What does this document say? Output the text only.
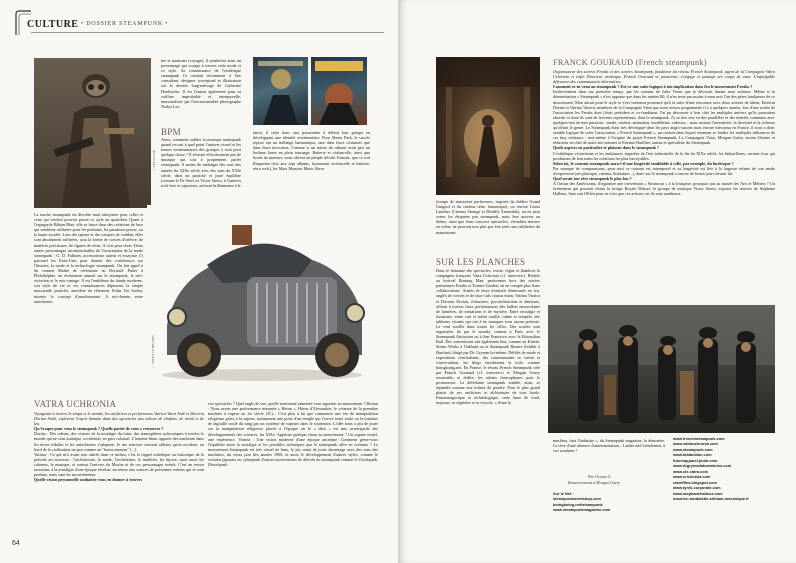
CULTURE • DOSSIER STEAMPUNK •
© PHOTO DR
me et nautisme (voyage), il symbolise ainsi un personnage qui voyage à travers cette mode et ce style. Sa connaissance de l'esthétique steampunk l'a conduit récemment à être consultant, designer conceptuel et illustrateur sur le dernier long-métrage de Catherine Hardwicke. Il est l'auteur également pour sa coiffure improbable et intemporelle, immortalisée par l'incontournable photographe Nadya Lev.
BPM
Ainsi, comment oublier la musique steampunk quand on sait à quel point l'univers visuel et les tenues vestimentaires des groupes y sont pour quelque chose ? Il n'existe effectivement pas de musique qui soit à proprement parler steampunk. A moins de mélanger des sons des années fin XIXe siècle avec des sons du XXIe siècle, dans un pastiche et juste équilibre (comme le Dr Steel ou Victor Sierra, à l'univers rock-lore et vaporeux, arrivent brillamment à le
faire), il reste donc aux passionnés à définir leur groupe en développant une identité vestimentaire. Pour Abney Park, le succès repose sur un mélange harmonique, tant dans leurs costumes que dans leurs morceaux. Comme si un artiste de cabaret avait pris un Indiana Jones en plein tournage. Batterie et violoncelle, ainsi que bruits de moteurs, nous offrent un périple décalé. Ensuite, que ce soit Rasputina (trio aux sept albums, fusionnant violoncelle et batterie, rétro rock), les Maxi Monster Music Show
La touche steampunk est discrète mais attrayante pour celles et ceux qui veulent pouvoir porter ce style au quotidien. Quant à l'espagnole Bibian Blue, elle se lance dans des créations de luxe qui semblent calibrées pour les podiums, les parutions presse, ou la haute-société. Loin des tapuos et des casques de combat, elles sont absolument raffinées, sous la forme de corsets d'orfèvre, de matières précieuses, de figures de reine. A voir pour rêver. Deux autres personnages incontournables de l'incarnation de la mode steampunk : G. D. Falksen, accessoiriste auteur et essayiste (!) parcourt les Etats-Unis pour donner des conférences sur l'histoire, la mode et la technologie steampunk. On fait appel à lui comme Maître de cérémonie au DorianX Parler à Philadelphie, un événement annuel sur le steampunk, le néo-victorien et le néo-vintage. Il est l'emblème du dandy moderne, son style de vie et ses connaissances dépassent la simple mascarade, pastiche, anecdote du vêtement. Enfin, Kit Stolen, invente le concept d'anachronaute. A mi-chemin entre anachronis-
© VATRA UCHRONIA
VATRA UCHRONIA

Voyageant à travers le temps et le monde, les artificiers et performeurs Vatrica Vatra Ardé et Daverin Dorian Sinik, explorent l'esprit humain dans des spectacles aux odeurs de chafons, de métal et de feu.

Qu'évoque pour vous le steampunk ? Quelle partie de vous y retrouvez ?

Dorian : Des odeurs, des visions de la nostalgie du futur, des atmosphères uchroniques à travers le monde qui ne sont asiatique, occidental, en gros colonial. L'homme blanc apporte des machines dans les terres tribales et les autochtones s'adaptent. Je me retrouve souvent ailleurs qu'en occident, au bord de la civilisation un peu comme un "baron moreau" [...].

Vatrina : Ce qui m'a avant tout attirée dans ce milieu, c'est le rappel esthétique ou historique de la période art nouveau : l'architecture, la mode, l'archéteture, le mobilier, les bijoux, mais aussi les cabarets, la musique, et surtout l'univers de Mucha et de ces personnages irréels. C'est un retour rassurant, à la nostalgie d'une époque révolue, un retour aux sources de personnes valeurs qui se sont perdues, mais sans les inconvénients.

Quelle vision personnelle souhaitez-vous en donner à travers

vos spectacles ? Quel angle de vue, quelle nouveauté aimeriez-vous apporter au mouvement ? Dorian : Nous avons une performance nommée « Héron », Héron d'Alexandrie, le créateur de la première machine à vapeur au 1er siècle (JC)... C'est plus à lui que commence une ère de manipulation religieuse grâce à la vapeur, notamment une porte d'un temple qui s'ouvre toute seule ou la fontaine de lagraille coulé du sang par un système de vapeurs dans le souterrain. L'idée nous a plu de jouer sur la manipulation religieuse placée à l'époque où le « dieu » est mis avant-garde des développements des sciences, fin XIXe. Apporter quelque chose au mouvement ? Un organe visuel, une expérience. Vatrina : Une vision moderne d'une époque ancienne. Comment gérez-vous l'équilibre entre la nostalgie et les possibles techniques que le steampunk offre en scénario ? Le mouvement Steampunk est très visuel de base, le jeu seriat de jouer davantage avec des sons des machines, du vieux jazz des années 1900, et aussi le développement d'autres styles, comme le western japonais ou cyberpunk d'autres mouvements de dérivés du steampunk comme le Clockpunk, Dieselpunk.
64
FRANCK GOURAUD (French steampunk)

Organisateur des soirées Freaks et des soirées Steampunk, fondateur du réseau French Steampunk, agent de la Compagnie Vatra Uchronia et enfin Directeur artistique, Franck Gouraud se passionne, s'engage et partage ses coups de cœur. L'infatigable défenseur des communautés alternatives.

Comment es-tu venu au steampunk ? Est-ce une suite logique à ton implication dans feu le mouvement Freaks ?

Indirectement dans ma première temps, par les romans de Jules Verne que je dévorais durant mon enfance. Même si la dénomination « Steampunk » n'est apparue que dans les années 80, il n'en reste pas moins à mon avis l'un des pères fondateurs de ce mouvement. Mon attrait pour le style se s'est vraiment prononcé qu'à la suite d'une rencontre avec deux artistes de talent, Daverin Dorian et Vatrina Vatrica, membres de la Compagnie Vatra que nous avions programmés il y a quelques années, lors d'une soirée de l'association les Freaks dont j'étais président et co-fondateur. J'ai pu découvrir à leur côté les multiples univers qu'ils pouvaient aborder et dont ils sont de fervents représentants, dont le steampunk. J'y ai très vite vu des parallèles et des intérêts communs avec quelques-uns de mes passions : mode, cinéma, animation, modélisme, sidecars... mais surtout l'inventivité, la diversité et la richesse qu'offrait le genre. Le Steampunk étant très développé dans les pays anglo-saxons mais encore méconnu en France, il nous a donc semblé logique de créer l'association « French Steampunk », un creuset dans lequel viennent se fondre les multiples influences de ces tiny créateurs : moi-même à l'origine du projet French Steampunk, La Compagnie Vatra, Morgan Guery, ancien libraire et rédacteur en chef de notre site internet et Etienne Barillier, auteur et spécialiste du Steampunk.

Quels aspects en particulier te plaisent dans le steampunk ?

L'esthétique victorienne et les ambiances inspirées de l'ère industrielle de la fin du XIXe siècle, les bidouilleurs, savants fous qui produisent de leur main les créations les plus incroyables.

Selon toi, le courant steampunk aura-t-il une longévité semblable à celle, par exemple, du burlesque ?

Par manque de comparaisons, pour moi ce courant est intemporel et sa longévité est liée à la largesse infinie de son mode d'expression (art plastique, cinéma, littérature...), donc oui le steampunk a encore de beaux jours devant lui.

Quel serait ton rêve steampunk le plus fou ?

A l'instar des Américains, d'organiser une convention « Steamcon » à la française, pourquoi pas au musée des Arts et Métiers ? Un événement qui pourrait réunir la troupe Royale Deluxe, le groupe de musique Victor Sierra, exposer les œuvres de Stéphane Halleux, Sam van Olffen pour ne citer que ces artistes car ils sont nombreux.

(troupe de musiciens performers, inspirés du théâtre Grand Guignol et du cinéma rétro fantastique), ou encore Lucas Lanthier (Cinema Strange et Deadfly Ensemble), on ne peut certes les étiqueter pur steampunk, mais leur univers au thème, ainsi que leurs concerts spectacles, véritables messes en scène, ne peuvent non plus pas être jetés aux oubliettes du mainstream.
SUR LES PLANCHES
Dans le domaine des spectacles, existe, règne et flamboie la compagnie française Vatra Uchronia (cf. interview). Relatés au festival Burning Man, performers hors des soirées parisiennes Freaks et Torture Garden, on ne compte plus leurs collaborations. Armés de leurs éventails démesurés en feu, anglés de corsets et de faux-culs cousus main, Vatrina Vatrica et Daverin Dorian, échassiers, pyrotechniciens et danseurs, offrent à travers leurs performances des ballets ensorcelants de lumières, de sensations et de mystère. Entre nostalgie et futurisme, entre cuir et métal rouillé, calme et tempête, des tableaux vivants qui ont à ne manquer sous aucun prétexte. Le vent souffle dans toutes les villes. Des soirées sont organisées de par le monde, comme à Paris avec le Steampunk Attraction ou à San Francisco avec la Edwardian Ball. Des conventions ont également lieu, comme au Kinetic Steam Works à Oakland ou la Steampunk Bizarre Exhibit à Hartford, dirigé par Dr. Grymm lui-même. Défilés de mode et expositions s'enchaînent, des communautés se créent et s'entre-aident, les blogs envahissent la toile, comme boingboing.net. En France, le réseau French Steampunk créé par Franck Gouraud (cf. interview) et Morgan Guery rassemble, et fédère, les talents francophones pour le promouvoir. La déferlante steampunk semble, ainsi, se répandre comme une traînée de poudre. Pour le plus grand plaisir de ses artificiers et alchimistes de tous bords. Fantasmagorique et technologique, cette lame de fond, toujours, se régénère et se recycle. « Aime la
machine, hais l'industrie », du Steampunk magazine, le démontre. Le rêve d'une absence d'automatisation... Ladies and Gentlemen, à vos soudures !
Par Octane G.
Remerciements à Morgan Guery
Sur le Net :
steampunkworkshop.com
boingboing.net/steampunk
www.steampunkmagazine.com
www.frenchsteampunk.com
www.vatrauchronia.com
www.steampunk.com
www.bibianblue.com
futureapparel.jindo.com
www.drgrymmlaboratories.com
www.cie-vatra.com
www.ericbroiza.com
rasniffles.blogspot.com
www.tyrell-corporate.com
www.stephanehalleux.com
maurice-sandalette.arkham-mecanique.fr
